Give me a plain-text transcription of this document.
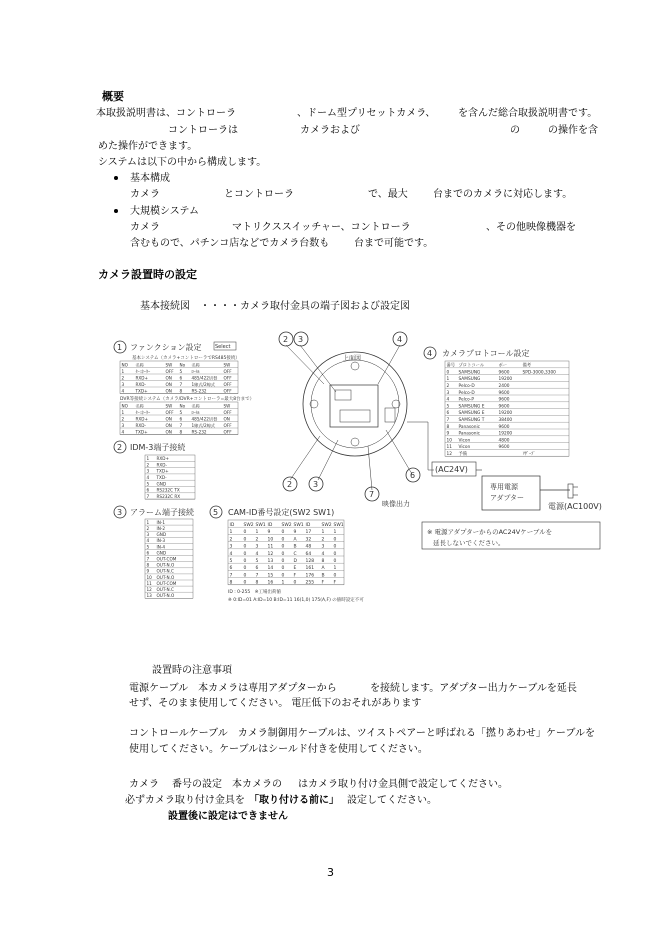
概要
本取扱説明書は、コントローラ	、ドーム型プリセットカメラ、 を含んだ総合取扱説明書です。
コントローラは	カメラおよび	の	の操作を含
めた操作ができます。
システムは以下の中から構成します。
基本構成
カメラ	とコントローラ	で、最大	台までのカメラに対応します。
大規模システム
カメラ	マトリクススイッチャー、コントローラ	、その他映像機器を
含むもので、パチンコ店などでカメラ台数も 台まで可能です。
カメラ設置時の設定
基本接続図　・・・・カメラ取付金具の端子図および設定図
1 ファンクション設定	Select
基本システム（カメラ+コントローラでRS485接続）
NO 名称	SW No 名称	SW
1	ﾀｰﾐﾈｰﾀｰ	OFF 5 ﾛｰｶﾙ	OFF
2	RXD+	ON 6 485/422切替 OFF
3	RXD-	ON 7 1線式/2線式 OFF
4	TXD+	ON 8 RS-232	OFF
DVR等接続システム（カメラ/DVR+コントローラ=最大8台まで）
NO 名称	SW No 名称	SW
1	ﾀｰﾐﾈｰﾀｰ	OFF 5 ﾛｰｶﾙ	OFF
2	RXD+	ON 6 485/422切替 ON
3	RXD-	ON 7 1線式/2線式 OFF
4	TXD+	ON 8 RS-232	OFF
2 IDM-3端子接続
1 RXD+
2 RXD-
3 TXD+
4 TXD-
5 GND
6 RS232C TX
7 RS232C RX
3 アラーム端子接続
1 IN-1
2 IN-2
3 GND
4 IN-3
5 IN-4
6 GND
7 OUT-COM
8 OUT-N.O
9 OUT-N.C
10 OUT-N.O
11 OUT-COM
12 OUT-N.C
13 OUT-N.O
5 CAM-ID番号設定(SW2 SW1)
ID SW2 SW1 ID SW2 SW1 ID SW2 SW1
1 0 1 9 0 9 17 1 1
2 0 2 10 0 A 32 2 0
3 0 3 11 0 B 48 3 0
4 0 4 12 0 C 64 4 0
5 0 5 13 0 D 128 8 0
6 0 6 14 0 E 161 A 1
7 0 7 15 0 F 176 B 0
8 0 8 16 1 0 255 F F
ID : 0-255　※工場出荷値
※ 0:ID=01 A:ID=10 B:ID=11 16(1,0) 175(A,F) の値時設定不可
4 カメラプロトコール設定
番号 プロトコール	ボー	備考
0 SAMSUNG	9600	SPD-3000,3300
1 SAMSUNG	19200
2 Pelco-D	2400
3 Pelco-D	9600
4 Pelco-P	9600
5 SAMSUNG E	9600
6 SAMSUNG E	19200
7 SAMSUNG T	38400
8 Panasonic	9600
9 Panasonic	19200
10 Vicon	4800
11 Vicon	9600
12 予備	ﾘｻﾞｰﾌﾞ
上面図
2 3	4
2	3
7
映像出力
6
(AC24V)
専用電源
アダプター
電源(AC100V)
※ 電源アダプターからのAC24Vケーブルを
延長しないでください。
設置時の注意事項
電源ケーブル　本カメラは専用アダプターから	を接続します。アダプター出力ケーブルを延長
せず、そのまま使用してください。 電圧低下のおそれがあります
コントロールケーブル　カメラ制御用ケーブルは、ツイストペアーと呼ばれる「撚りあわせ」ケーブルを
使用してください。ケーブルはシールド付きを使用してください。
カメラ 番号の設定　本カメラの はカメラ取り付け金具側で設定してください。
必ずカメラ取り付け金具を 「取り付ける前に」 設定してください。
設置後に設定はできません
3
